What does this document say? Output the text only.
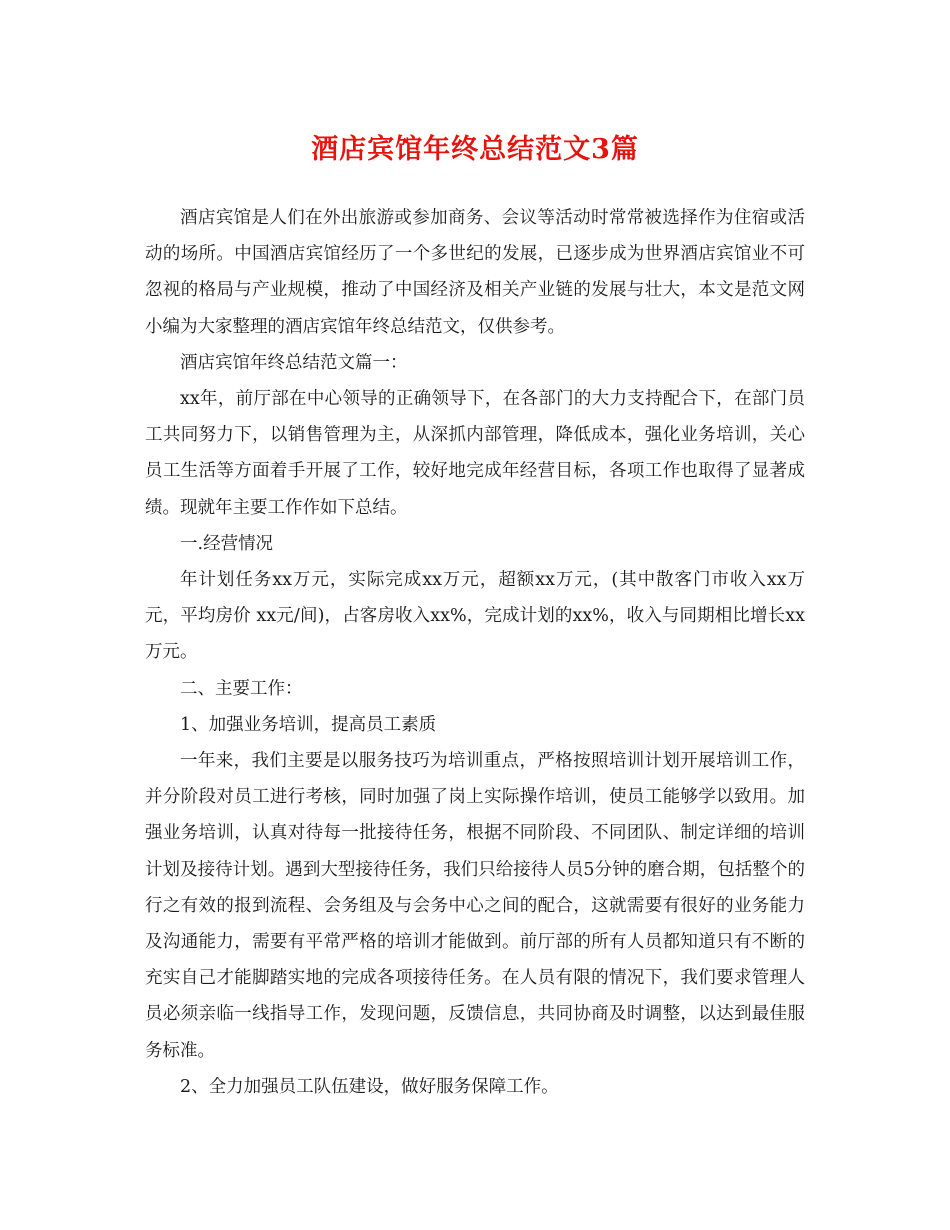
酒店宾馆年终总结范文3篇

酒店宾馆是人们在外出旅游或参加商务、会议等活动时常常被选择作为住宿或活动的场所。中国酒店宾馆经历了一个多世纪的发展，已逐步成为世界酒店宾馆业不可忽视的格局与产业规模，推动了中国经济及相关产业链的发展与壮大，本文是范文网小编为大家整理的酒店宾馆年终总结范文，仅供参考。

酒店宾馆年终总结范文篇一：

xx年，前厅部在中心领导的正确领导下，在各部门的大力支持配合下，在部门员工共同努力下，以销售管理为主，从深抓内部管理，降低成本，强化业务培训，关心员工生活等方面着手开展了工作，较好地完成年经营目标，各项工作也取得了显著成绩。现就年主要工作作如下总结。

一.经营情况

年计划任务xx万元，实际完成xx万元，超额xx万元，(其中散客门市收入xx万元，平均房价 xx元/间)，占客房收入xx%，完成计划的xx%，收入与同期相比增长xx万元。

二、主要工作：

1、加强业务培训，提高员工素质

一年来，我们主要是以服务技巧为培训重点，严格按照培训计划开展培训工作，并分阶段对员工进行考核，同时加强了岗上实际操作培训，使员工能够学以致用。加强业务培训，认真对待每一批接待任务，根据不同阶段、不同团队、制定详细的培训计划及接待计划。遇到大型接待任务，我们只给接待人员5分钟的磨合期，包括整个的行之有效的报到流程、会务组及与会务中心之间的配合，这就需要有很好的业务能力及沟通能力，需要有平常严格的培训才能做到。前厅部的所有人员都知道只有不断的充实自己才能脚踏实地的完成各项接待任务。在人员有限的情况下，我们要求管理人员必须亲临一线指导工作，发现问题，反馈信息，共同协商及时调整，以达到最佳服务标准。

2、全力加强员工队伍建设，做好服务保障工作。
